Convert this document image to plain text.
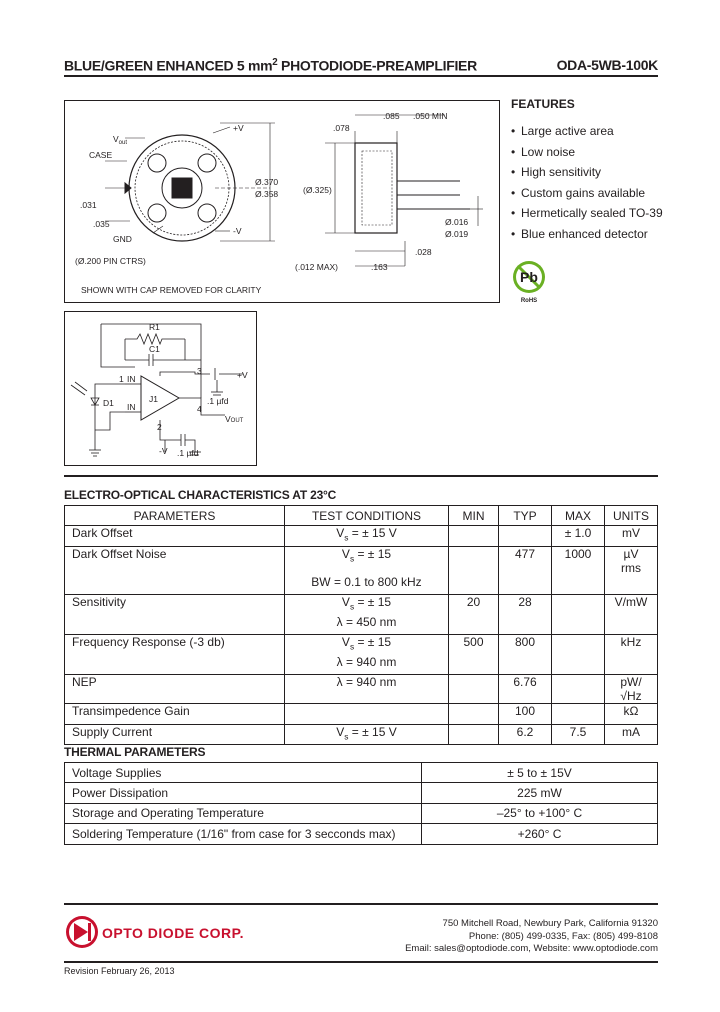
BLUE/GREEN ENHANCED 5 $mm^2$ PHOTODIODE-PREAMPLIFIER	ODA-5WB-100K
$V_{out}$
CASE
.031
.035
GND
+V
-V
Ø.370
Ø.358	(Ø.325)
.078
.085 .050 MIN
Ø.016
Ø.019
.028
(.012 MAX)	.163
(Ø.200 PIN CTRS)
SHOWN WITH CAP REMOVED FOR CLARITY
FEATURES
• Large active area
• Low noise
• High sensitivity
• Custom gains available
• Hermetically sealed TO-39
• Blue enhanced detector
Pb
RoHS
R1
C1
D1	J1
IN
IN
+V
-V
VOUT
.1 µfd
.1 µfd
1
2
3
4
ELECTRO-OPTICAL CHARACTERISTICS AT 23°C
PARAMETERS	TEST CONDITIONS	MIN	TYP	MAX	UNITS
Dark Offset	$V_s$ = ± 15 V			± 1.0	mV
Dark Offset Noise	$V_s$ = ± 15		477	1000	µV rms
	BW = 0.1 to 800 kHz				
Sensitivity	$V_s$ = ± 15	20	28		V/mW
	λ = 450 nm				
Frequency Response (-3 db)	$V_s$ = ± 15	500	800		kHz
	λ = 940 nm				
NEP	λ = 940 nm		6.76		pW/√Hz
Transimpedence Gain			100		kΩ
Supply Current	$V_s$ = ± 15 V		6.2	7.5	mA
THERMAL PARAMETERS
Voltage Supplies	± 5 to ± 15V
Power Dissipation	225 mW
Storage and Operating Temperature	–25° to +100° C
Soldering Temperature (1/16" from case for 3 secconds max)	+260° C
OPTO DIODE CORP.
750 Mitchell Road, Newbury Park, California 91320
Phone: (805) 499-0335, Fax: (805) 499-8108
Email: sales@optodiode.com, Website: www.optodiode.com
Revision February 26, 2013
